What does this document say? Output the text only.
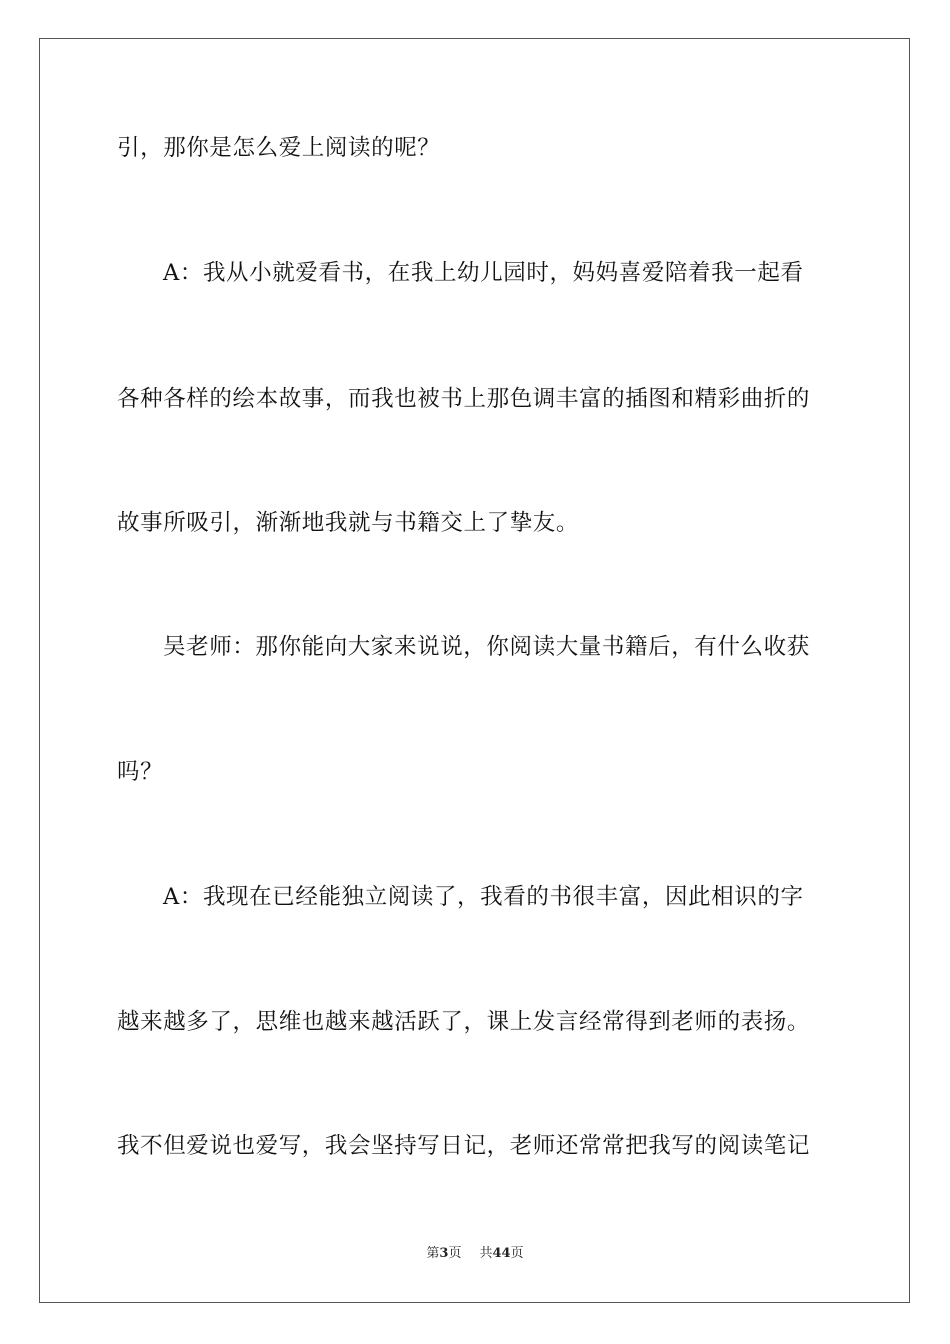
引，那你是怎么爱上阅读的呢？

A：我从小就爱看书，在我上幼儿园时，妈妈喜爱陪着我一起看

各种各样的绘本故事，而我也被书上那色调丰富的插图和精彩曲折的

故事所吸引，渐渐地我就与书籍交上了挚友。

吴老师：那你能向大家来说说，你阅读大量书籍后，有什么收获

吗？

A：我现在已经能独立阅读了，我看的书很丰富，因此相识的字

越来越多了，思维也越来越活跃了，课上发言经常得到老师的表扬。

我不但爱说也爱写，我会坚持写日记，老师还常常把我写的阅读笔记

第3页 共44页
